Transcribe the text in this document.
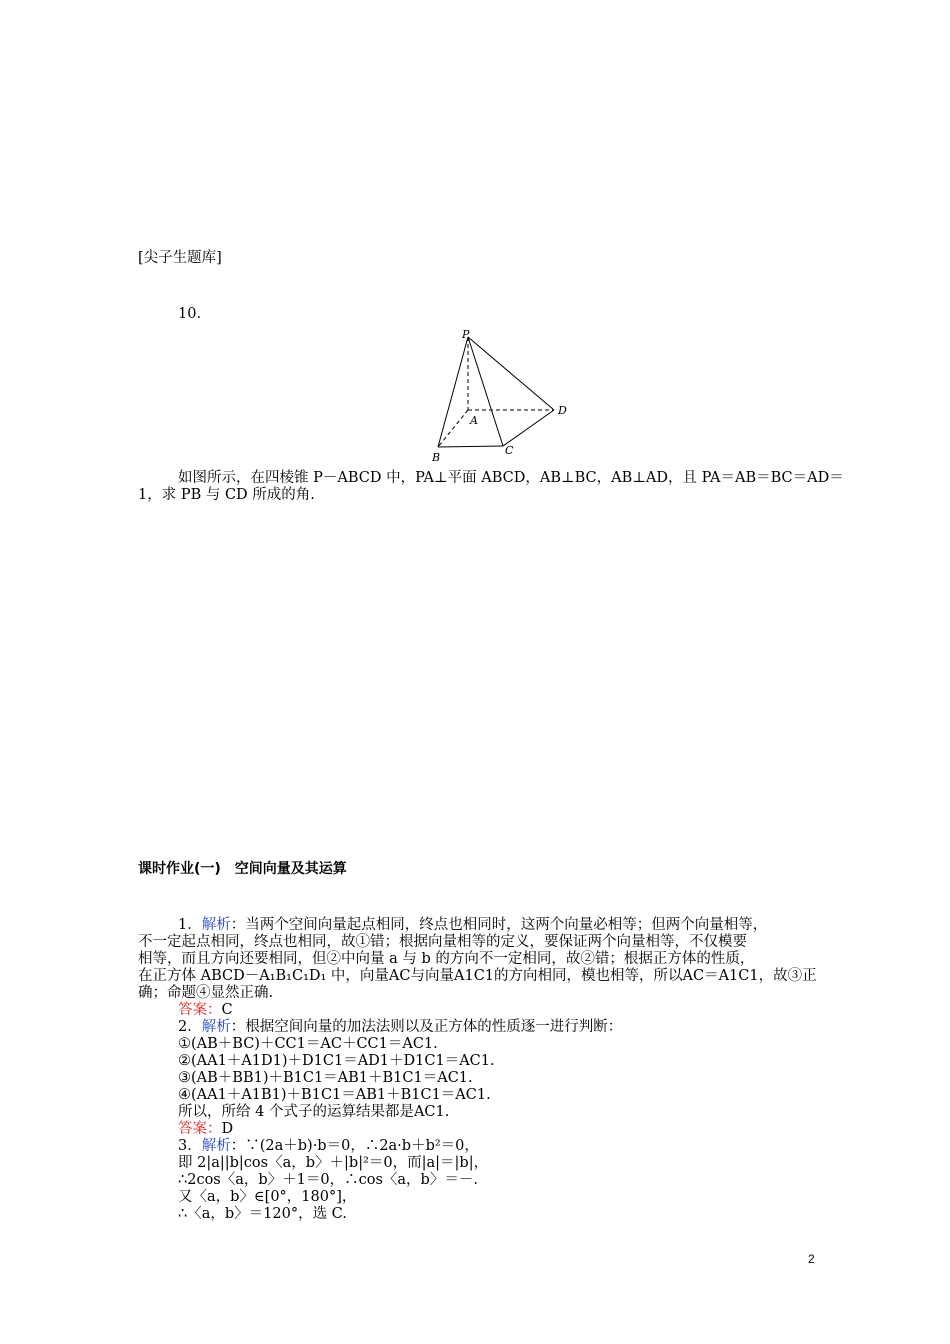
[尖子生题库]
10.
P
A
B
C
D
如图所示，在四棱锥 P－ABCD 中，PA⊥平面 ABCD，AB⊥BC，AB⊥AD，且 PA＝AB＝BC＝AD＝
1，求 PB 与 CD 所成的角.
课时作业(一)　空间向量及其运算
1．解析：当两个空间向量起点相同，终点也相同时，这两个向量必相等；但两个向量相等，
不一定起点相同，终点也相同，故①错；根据向量相等的定义，要保证两个向量相等，不仅模要
相等，而且方向还要相同，但②中向量 a 与 b 的方向不一定相同，故②错；根据正方体的性质，
在正方体 ABCD－A₁B₁C₁D₁ 中，向量AC与向量A1C1的方向相同，模也相等，所以AC＝A1C1，故③正
确；命题④显然正确.
答案：C
2．解析：根据空间向量的加法法则以及正方体的性质逐一进行判断：
①(AB＋BC)＋CC1＝AC＋CC1＝AC1.
②(AA1＋A1D1)＋D1C1＝AD1＋D1C1＝AC1.
③(AB＋BB1)＋B1C1＝AB1＋B1C1＝AC1.
④(AA1＋A1B1)＋B1C1＝AB1＋B1C1＝AC1.
所以，所给 4 个式子的运算结果都是AC1.
答案：D
3．解析：∵(2a＋b)·b＝0，∴2a·b＋b²＝0，
即 2|a||b|cos〈a，b〉＋|b|²＝0，而|a|＝|b|，
∴2cos〈a，b〉＋1＝0，∴cos〈a，b〉＝－.
又〈a，b〉∈[0°，180°]，
∴〈a，b〉＝120°，选 C.
2
